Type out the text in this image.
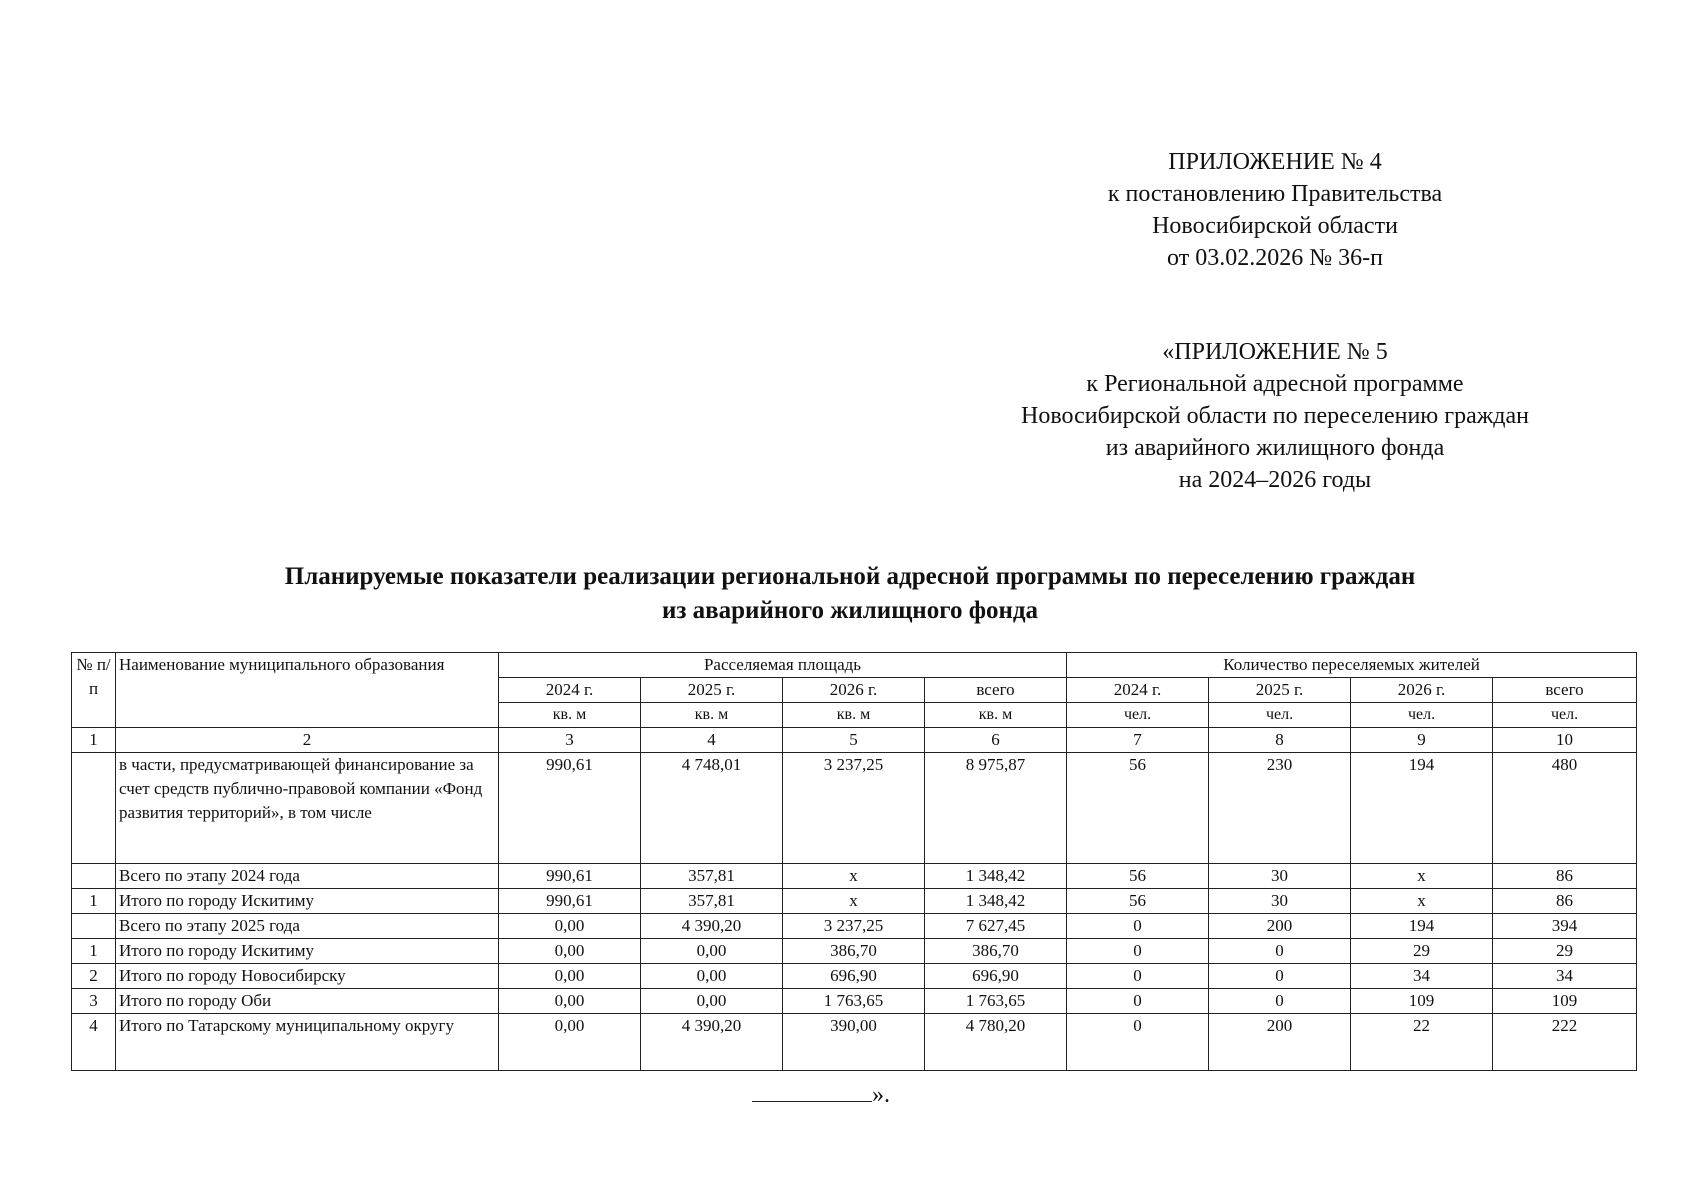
ПРИЛОЖЕНИЕ № 4
к постановлению Правительства
Новосибирской области
от 03.02.2026 № 36-п
«ПРИЛОЖЕНИЕ № 5
к Региональной адресной программе
Новосибирской области по переселению граждан
из аварийного жилищного фонда
на 2024–2026 годы
Планируемые показатели реализации региональной адресной программы по переселению граждан
из аварийного жилищного фонда
№ п/п	Наименование муниципального образования	Расселяемая площадь				Количество переселяемых жителей			
		2024 г.	2025 г.	2026 г.	всего	2024 г.	2025 г.	2026 г.	всего
		кв. м	кв. м	кв. м	кв. м	чел.	чел.	чел.	чел.
1	2	3	4	5	6	7	8	9	10
	в части, предусматривающей финансирование за счет средств публично-правовой компании «Фонд развития территорий», в том числе	990,61	4 748,01	3 237,25	8 975,87	56	230	194	480
	Всего по этапу 2024 года	990,61	357,81	х	1 348,42	56	30	х	86
1	Итого по городу Искитиму	990,61	357,81	х	1 348,42	56	30	х	86
	Всего по этапу 2025 года	0,00	4 390,20	3 237,25	7 627,45	0	200	194	394
1	Итого по городу Искитиму	0,00	0,00	386,70	386,70	0	0	29	29
2	Итого по городу Новосибирску	0,00	0,00	696,90	696,90	0	0	34	34
3	Итого по городу Оби	0,00	0,00	1 763,65	1 763,65	0	0	109	109
4	Итого по Татарскому муниципальному округу	0,00	4 390,20	390,00	4 780,20	0	200	22	222
».
